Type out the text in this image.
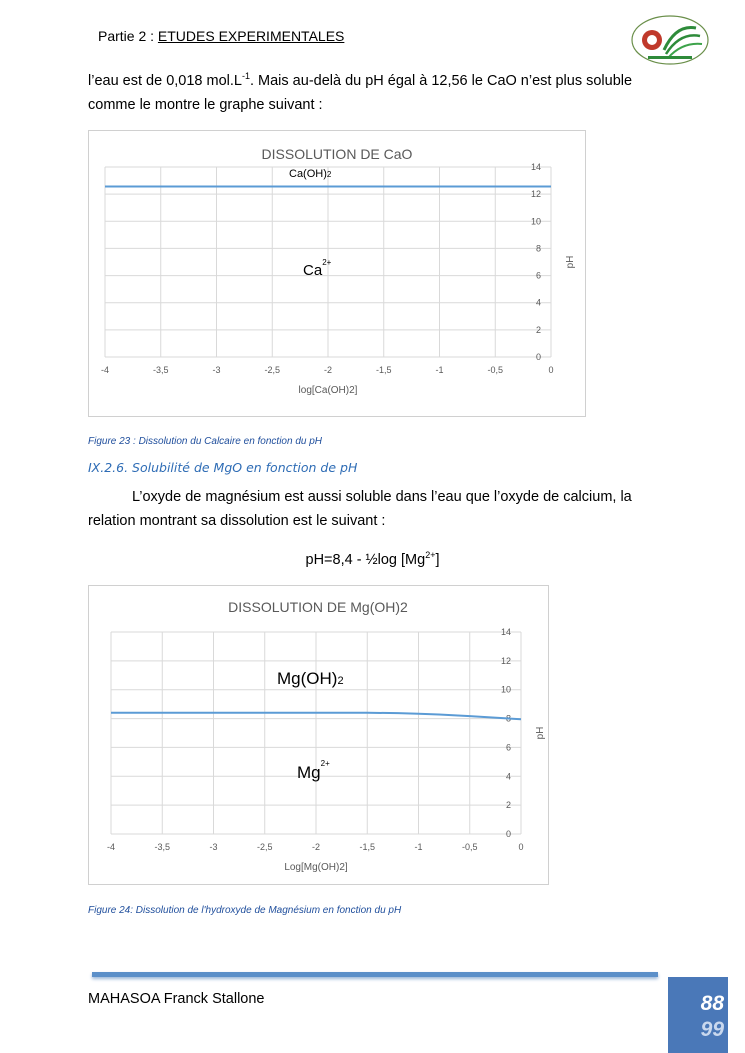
Partie 2 : ETUDES EXPERIMENTALES
l’eau est de 0,018 $mol.L^{-1}$. Mais au-delà du pH égal à 12,56 le CaO n’est plus soluble comme le montre le graphe suivant :
DISSOLUTION DE CaO
-4	-3,5	-3	-2,5	-2	-1,5	-1	-0,5	0
0
2
4
6
8
10
12
14
log[Ca(OH)2]
pH
Ca(OH)2
$Ca^{2+}$
Figure 23 : Dissolution du Calcaire en fonction du pH
IX.2.6. Solubilité de MgO en fonction de pH
L’oxyde de magnésium est aussi soluble dans l’eau que l’oxyde de calcium, la relation montrant sa dissolution est le suivant :
pH=8,4 - ½log $[Mg^{2+}]$
DISSOLUTION DE Mg(OH)2
-4	-3,5	-3	-2,5	-2	-1,5	-1	-0,5	0
0
2
4
6
8
10
12
14
Log[Mg(OH)2]
pH
Mg(OH)2
$Mg^{2+}$
Figure 24: Dissolution de l'hydroxyde de Magnésium en fonction du pH
MAHASOA Franck Stallone	88
99
